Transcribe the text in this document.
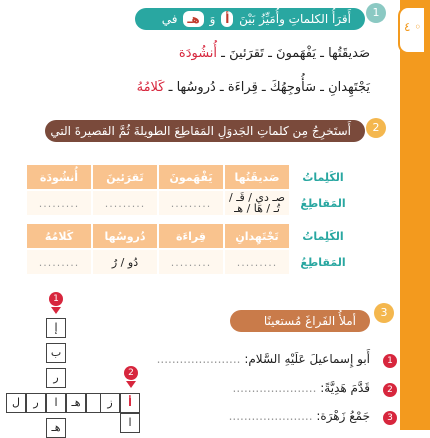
٤ ◦
1
أَقرَأُ الكلماتِ وأُمَيِّزُ بَيْنَ أ وَ هـ في النُّطقِ :
صَديقَتُها ـ يَفْهَمونَ ـ تَقرَئينَ ـ أُنشُودَة
يَجْتَهِدانِ ـ سَأُوجِهُكَ ـ قِراءَة ـ دُروسُها ـ كَلامُهُ
2
أَستَخرِجُ مِن كلماتِ الجَدوَلِ المَقاطِعَ الطويلةَ ثُمَّ القصيرةَ التي تُوافِقُها:
الكَلِماتُ	صَديقَتُها	يَفْهَمونَ	تَقرَئينَ	أُنشُودَة
المَقاطِعُ	صـ دي / قَـ / تُـ / هَا / هـ	.........	.........	.........
الكَلِماتُ	تَجْتَهِدانِ	قِراءَة	دُروسُها	كَلامُهُ
المَقاطِعُ	.........	.........	دُو / رُ	.........
3
أملأُ الفَراغَ مُستعينًا بالشَّبَكَة:
1
إ
ب
ر
ا
هـ
2
ل	ر	هـ	ز	أ
ا
1
أَبو إِسماعيلَ عَلَيْهِ السَّلام: ......................
2
قَدَّمَ هَدِيَّةً: ......................
3
جَمْعُ زَهْرَة: ......................
